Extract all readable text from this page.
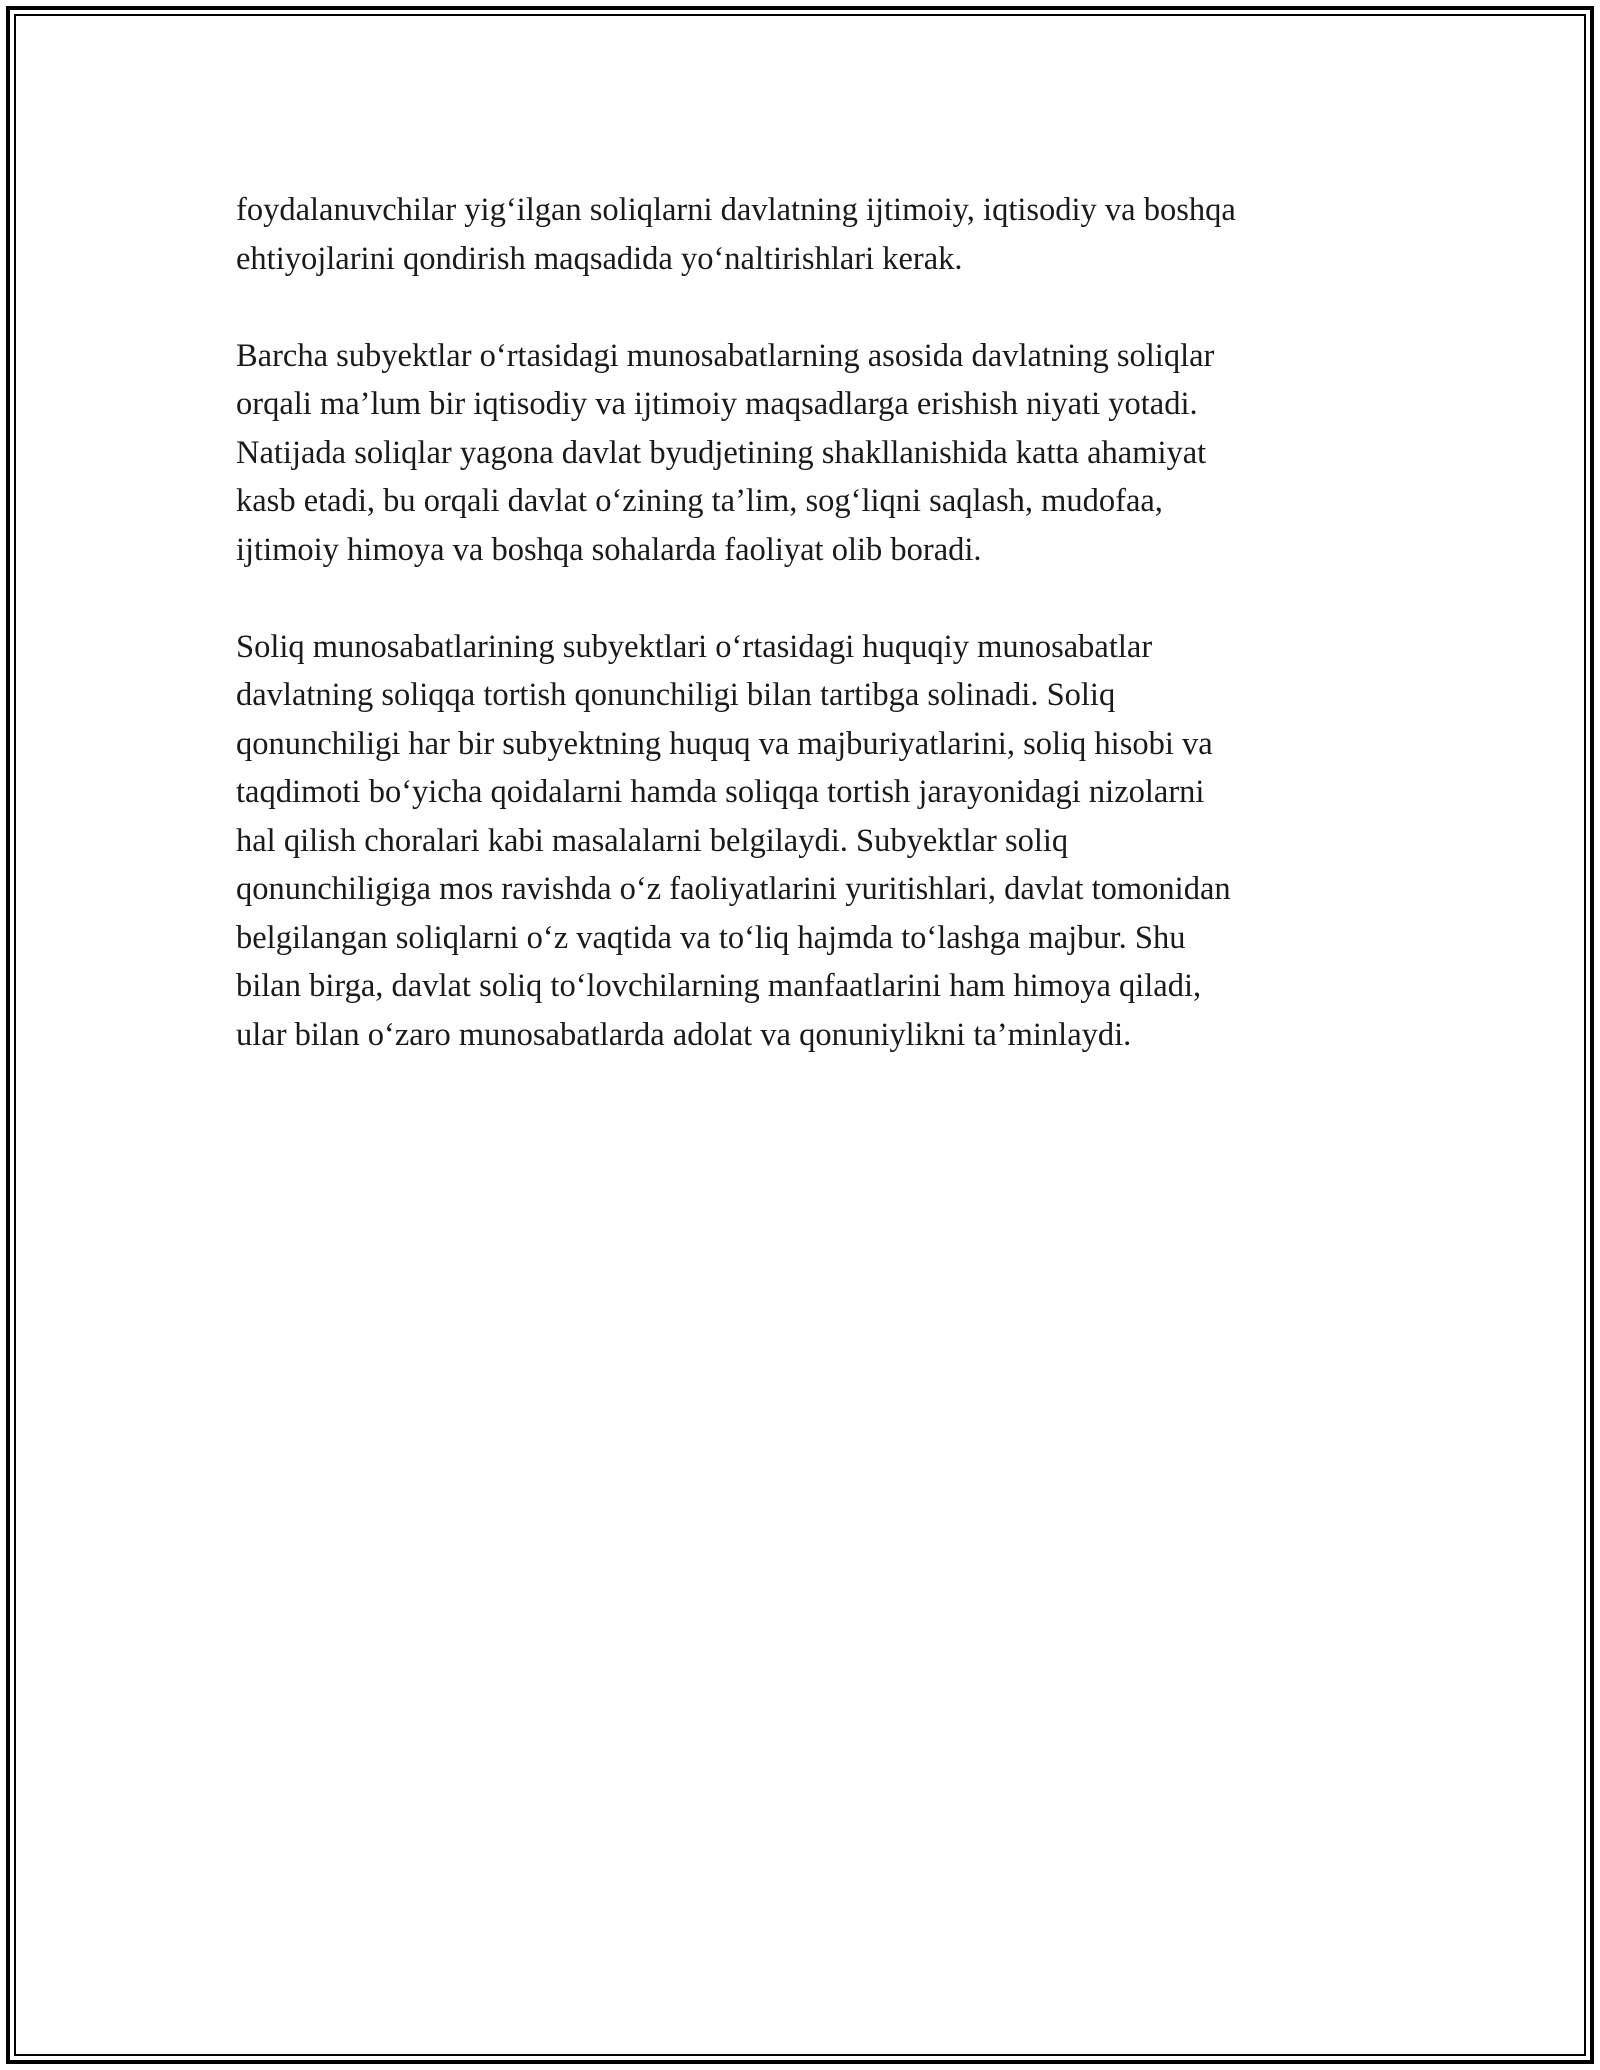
foydalanuvchilar yig‘ilgan soliqlarni davlatning ijtimoiy, iqtisodiy va boshqa
ehtiyojlarini qondirish maqsadida yo‘naltirishlari kerak.

Barcha subyektlar o‘rtasidagi munosabatlarning asosida davlatning soliqlar
orqali ma’lum bir iqtisodiy va ijtimoiy maqsadlarga erishish niyati yotadi.
Natijada soliqlar yagona davlat byudjetining shakllanishida katta ahamiyat
kasb etadi, bu orqali davlat o‘zining ta’lim, sog‘liqni saqlash, mudofaa,
ijtimoiy himoya va boshqa sohalarda faoliyat olib boradi.

Soliq munosabatlarining subyektlari o‘rtasidagi huquqiy munosabatlar
davlatning soliqqa tortish qonunchiligi bilan tartibga solinadi. Soliq
qonunchiligi har bir subyektning huquq va majburiyatlarini, soliq hisobi va
taqdimoti bo‘yicha qoidalarni hamda soliqqa tortish jarayonidagi nizolarni
hal qilish choralari kabi masalalarni belgilaydi. Subyektlar soliq
qonunchiligiga mos ravishda o‘z faoliyatlarini yuritishlari, davlat tomonidan
belgilangan soliqlarni o‘z vaqtida va to‘liq hajmda to‘lashga majbur. Shu
bilan birga, davlat soliq to‘lovchilarning manfaatlarini ham himoya qiladi,
ular bilan o‘zaro munosabatlarda adolat va qonuniylikni ta’minlaydi.
